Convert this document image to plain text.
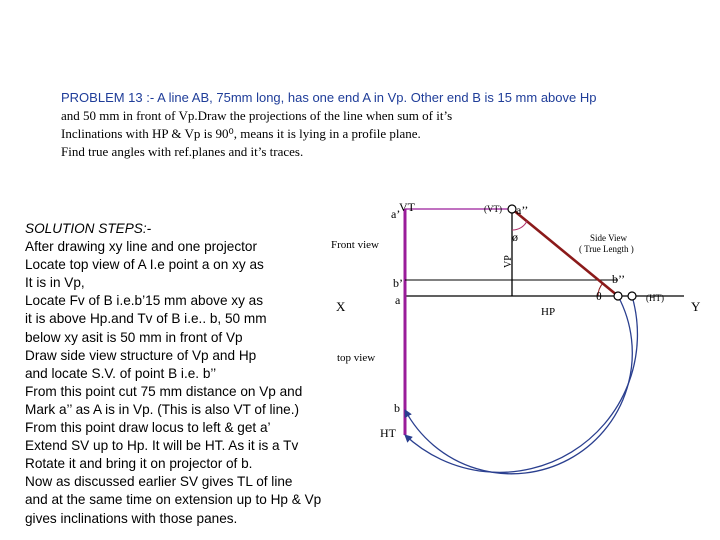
PROBLEM 13 :- A line AB, 75mm long, has one end A in Vp. Other end B is 15 mm above Hp
and 50 mm in front of Vp.Draw the projections of the line when sum of it’s
Inclinations with HP & Vp is 90⁰, means it is lying in a profile plane.
Find true angles with ref.planes and it’s traces.
SOLUTION STEPS:-
After drawing xy line and one projector
Locate top view of A I.e point a on xy as
It is in Vp,
Locate Fv of B i.e.b’15 mm above xy as
it is above Hp.and Tv of B i.e.. b, 50 mm
below xy asit is 50 mm in front of Vp
Draw side view structure of Vp and Hp
and locate S.V. of point B i.e. b’’
From this point cut 75 mm distance on Vp and
Mark a’’ as A is in Vp. (This is also VT of line.)
From this point draw locus to left & get a’
Extend SV up to Hp. It will be HT. As it is a Tv
Rotate it and bring it on projector of b.
Now as discussed earlier SV gives TL of line
and at the same time on extension up to Hp & Vp
gives inclinations with those panes.
VT
a’	(VT) a’’
Front view
VP
ø	Side View
( True Length )
b’	b’’
θ
a
X	HP
(HT)
Y
top view
b
HT
